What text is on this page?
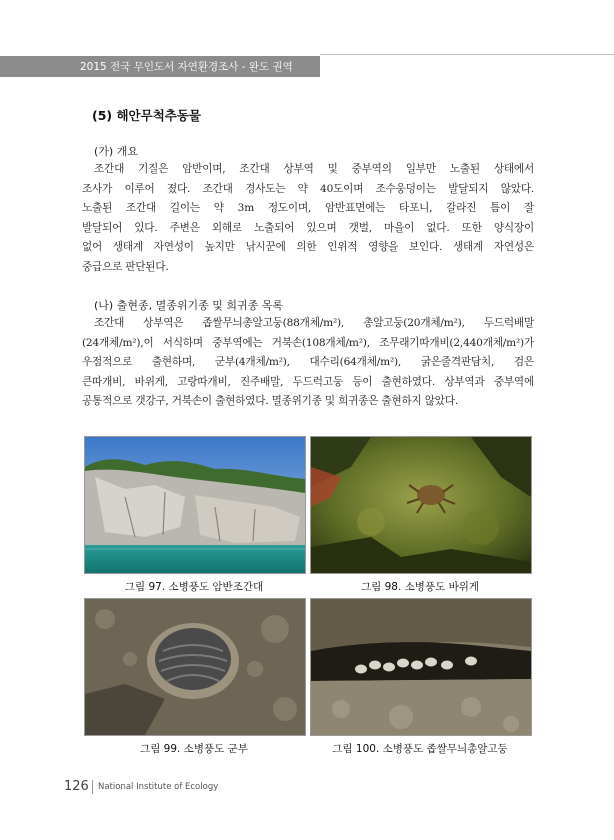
2015 전국 무인도서 자연환경조사 - 완도 권역
(5) 해안무척추동물
(가) 개요
조간대 기질은 암반이며, 조간대 상부역 및 중부역의 일부만 노출된 상태에서
조사가 이루어 졌다. 조간대 경사도는 약 40도이며 조수웅덩이는 발달되지 않았다.
노출된 조간대 길이는 약 3m 정도이며, 암반표면에는 타포니, 갈라진 틈이 잘
발달되어 있다. 주변은 외해로 노출되어 있으며 갯벌, 마을이 없다. 또한 양식장이
없어 생태계 자연성이 높지만 낚시꾼에 의한 인위적 영향을 보인다. 생태계 자연성은
중급으로 판단된다.
(나) 출현종, 멸종위기종 및 희귀종 목록
조간대 상부역은 좁쌀무늬총알고둥(88개체/m²), 총알고둥(20개체/m²), 두드럭배말
(24개체/m²),이 서식하며 중부역에는 거북손(108개체/m²), 조무래기따개비(2,440개체/m²)가
우점적으로 출현하며, 군부(4개체/m²), 대수리(64개체/m²), 굵은줄격판담치, 검은
큰따개비, 바위게, 고랑따개비, 진주배말, 두드럭고둥 등이 출현하였다. 상부역과 중부역에
공통적으로 갯강구, 거북손이 출현하였다. 멸종위기종 및 희귀종은 출현하지 않았다.
그림 97. 소병풍도 암반조간대	그림 98. 소병풍도 바위게
그림 99. 소병풍도 군부	그림 100. 소병풍도 좁쌀무늬총알고둥
126 National Institute of Ecology
